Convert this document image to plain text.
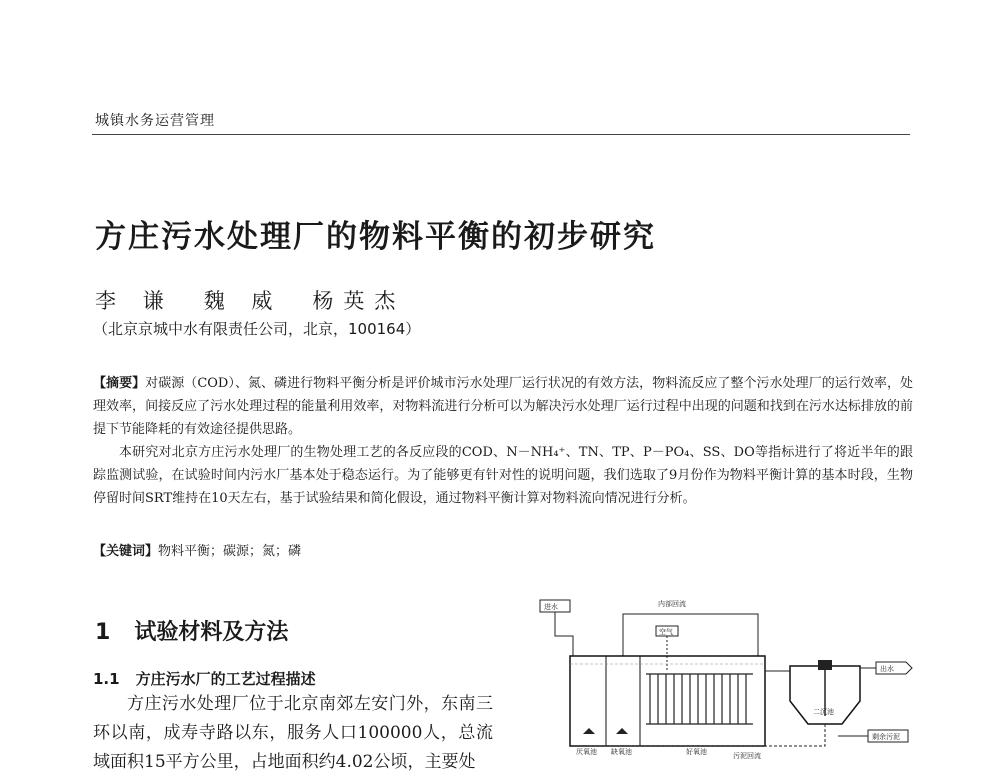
城镇水务运营管理
方庄污水处理厂的物料平衡的初步研究
李 谦 魏 威 杨英杰
（北京京城中水有限责任公司，北京，100164）

【摘要】对碳源（COD）、氮、磷进行物料平衡分析是评价城市污水处理厂运行状况的有效方法，物料流反应了整个污水处理厂的运行效率，处理效率，间接反应了污水处理过程的能量利用效率，对物料流进行分析可以为解决污水处理厂运行过程中出现的问题和找到在污水达标排放的前提下节能降耗的有效途径提供思路。

本研究对北京方庄污水处理厂的生物处理工艺的各反应段的COD、N－NH₄⁺、TN、TP、P－PO₄、SS、DO等指标进行了将近半年的跟踪监测试验，在试验时间内污水厂基本处于稳态运行。为了能够更有针对性的说明问题，我们选取了9月份作为物料平衡计算的基本时段，生物停留时间SRT维持在10天左右，基于试验结果和简化假设，通过物料平衡计算对物料流向情况进行分析。

【关键词】物料平衡；碳源；氮；磷
1 试验材料及方法
1.1 方庄污水厂的工艺过程描述
方庄污水处理厂位于北京南郊左安门外，东南三环以南，成寿寺路以东，服务人口100000人，总流域面积15平方公里，占地面积约4.02公顷，主要处
进水	内部回流
空气
厌氧池 缺氧池	好氧池
二沉池
出水
污泥回流
剩余污泥
